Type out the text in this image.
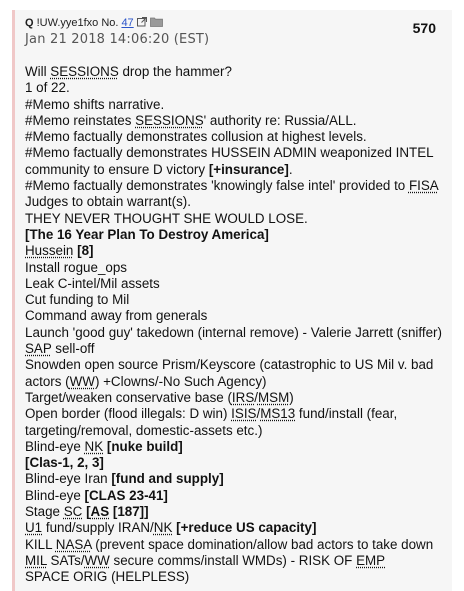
Q !UW.yye1fxo No. 47
Jan 21 2018 14:06:20 (EST)
570
Will SESSIONS drop the hammer?
1 of 22.
#Memo shifts narrative.
#Memo reinstates SESSIONS' authority re: Russia/ALL.
#Memo factually demonstrates collusion at highest levels.
#Memo factually demonstrates HUSSEIN ADMIN weaponized INTEL community to ensure D victory [+insurance].
#Memo factually demonstrates 'knowingly false intel' provided to FISA Judges to obtain warrant(s).
THEY NEVER THOUGHT SHE WOULD LOSE.
[The 16 Year Plan To Destroy America]
Hussein [8]
Install rogue_ops
Leak C-intel/Mil assets
Cut funding to Mil
Command away from generals
Launch 'good guy' takedown (internal remove) - Valerie Jarrett (sniffer)
SAP sell-off
Snowden open source Prism/Keyscore (catastrophic to US Mil v. bad actors (WW) +Clowns/-No Such Agency)
Target/weaken conservative base (IRS/MSM)
Open border (flood illegals: D win) ISIS/MS13 fund/install (fear, targeting/removal, domestic-assets etc.)
Blind-eye NK [nuke build]
[Clas-1, 2, 3]
Blind-eye Iran [fund and supply]
Blind-eye [CLAS 23-41]
Stage SC [AS [187]]
U1 fund/supply IRAN/NK [+reduce US capacity]
KILL NASA (prevent space domination/allow bad actors to take down MIL SATs/WW secure comms/install WMDs) - RISK OF EMP
SPACE ORIG (HELPLESS)
